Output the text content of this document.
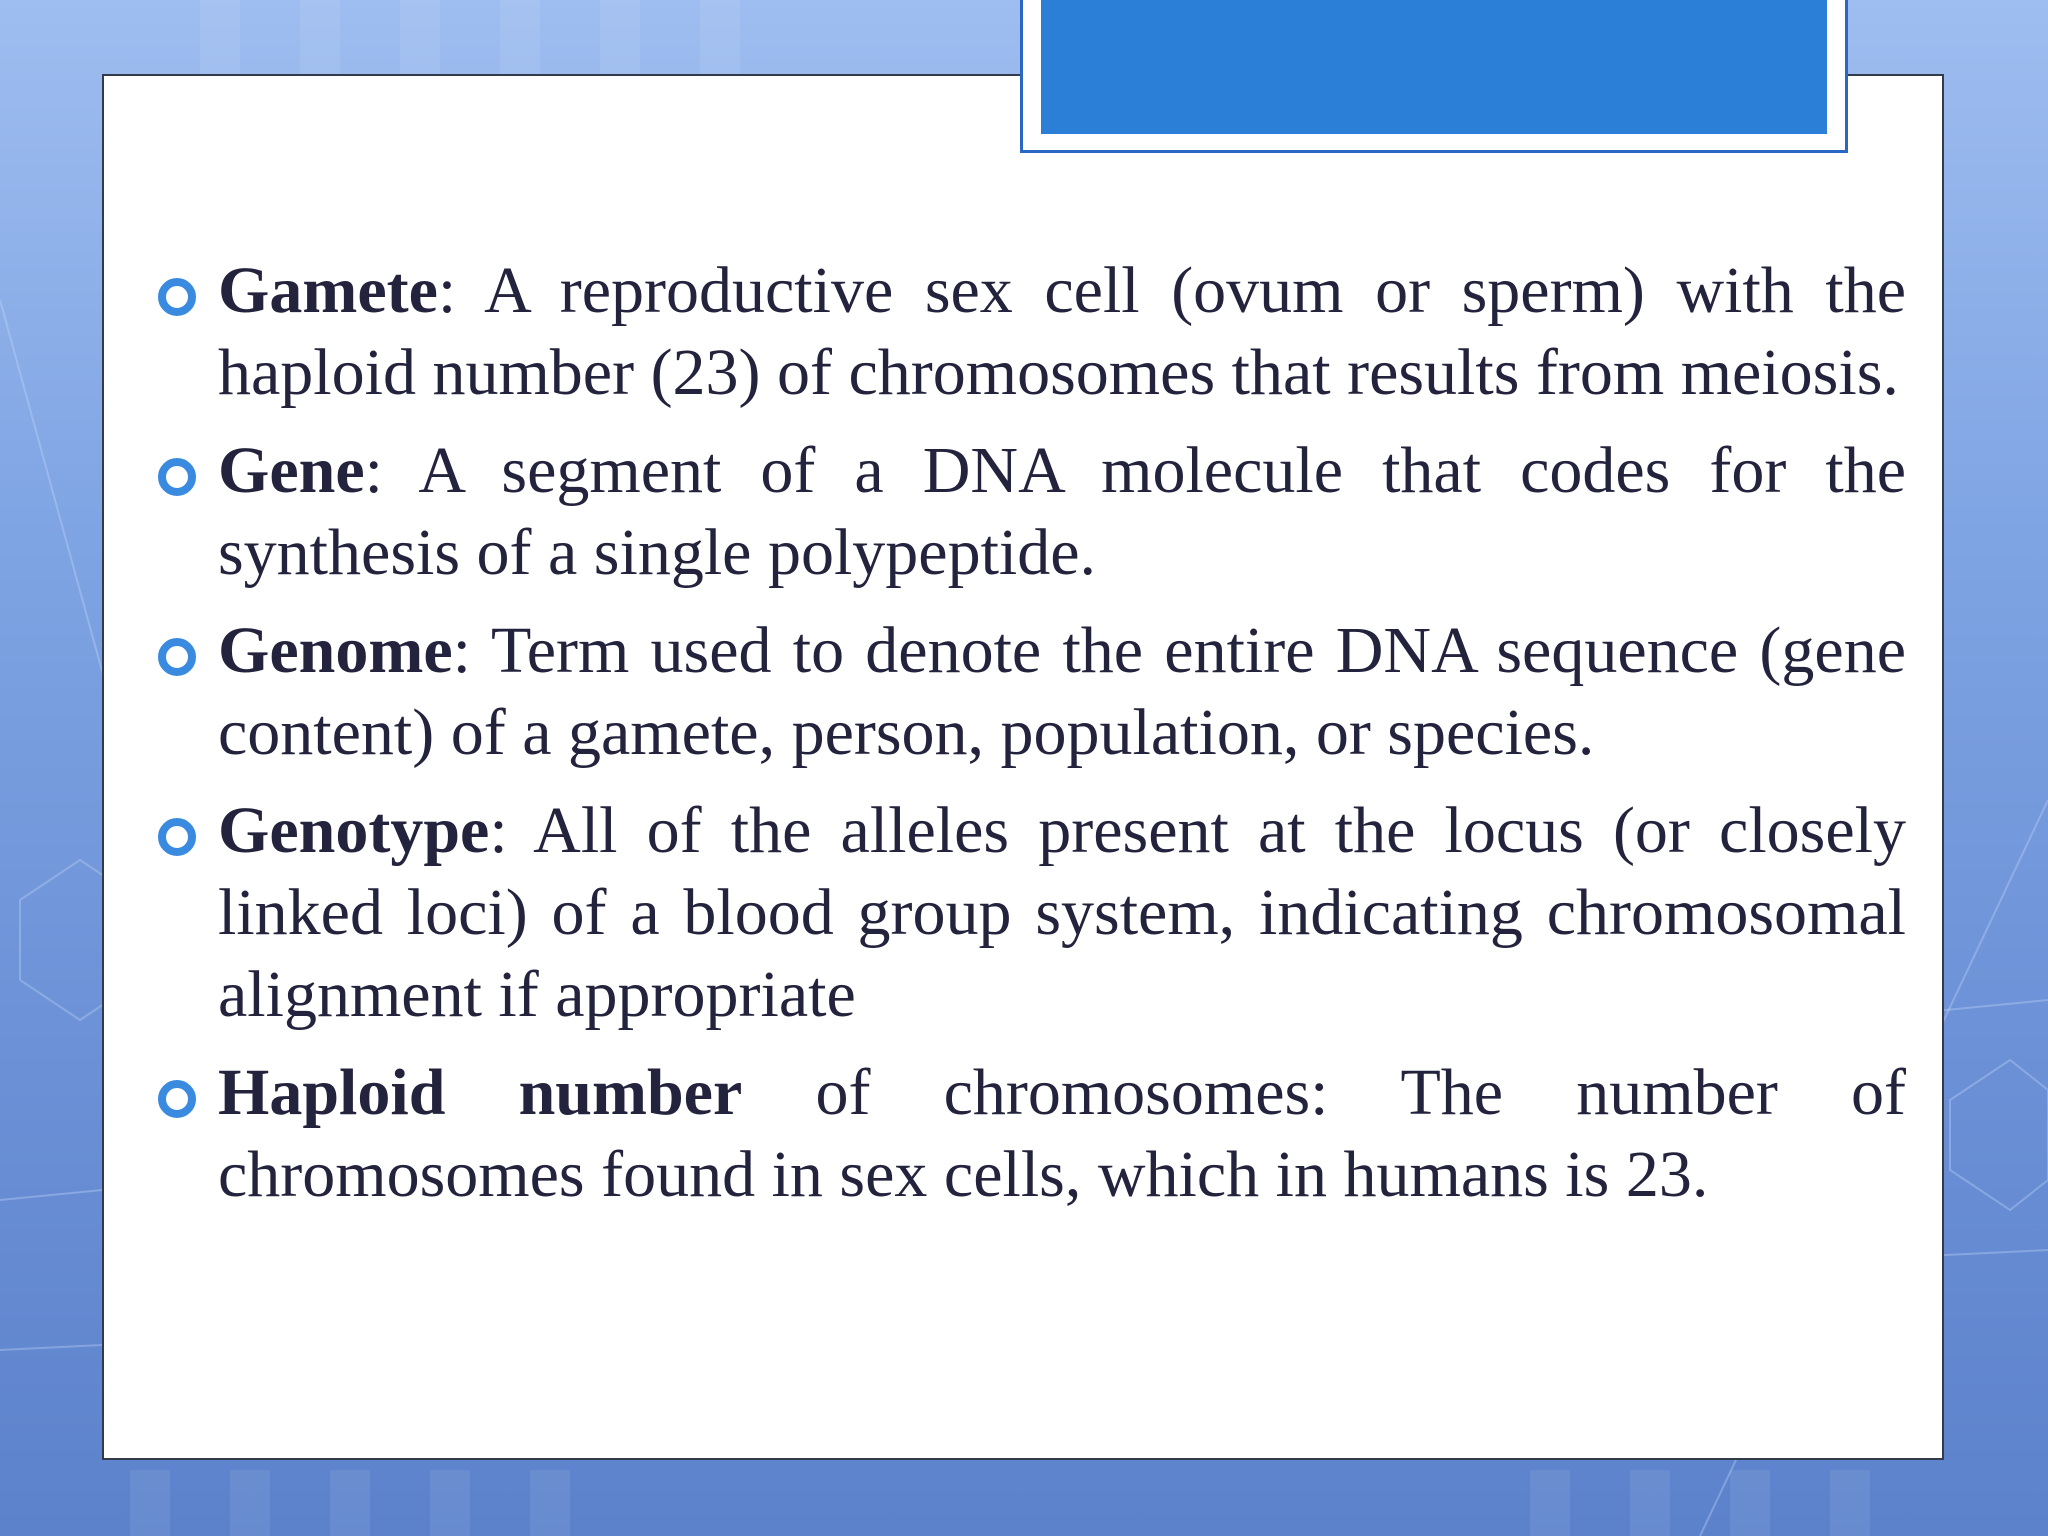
Gamete: A reproductive sex cell (ovum or sperm) with the haploid number (23) of chromosomes that results from meiosis.
Gene: A segment of a DNA molecule that codes for the synthesis of a single polypeptide.
Genome: Term used to denote the entire DNA sequence (gene content) of a gamete, person, population, or species.
Genotype: All of the alleles present at the locus (or closely linked loci) of a blood group system, indicating chromosomal alignment if appropriate
Haploid number of chromosomes: The number of chromosomes found in sex cells, which in humans is 23.
